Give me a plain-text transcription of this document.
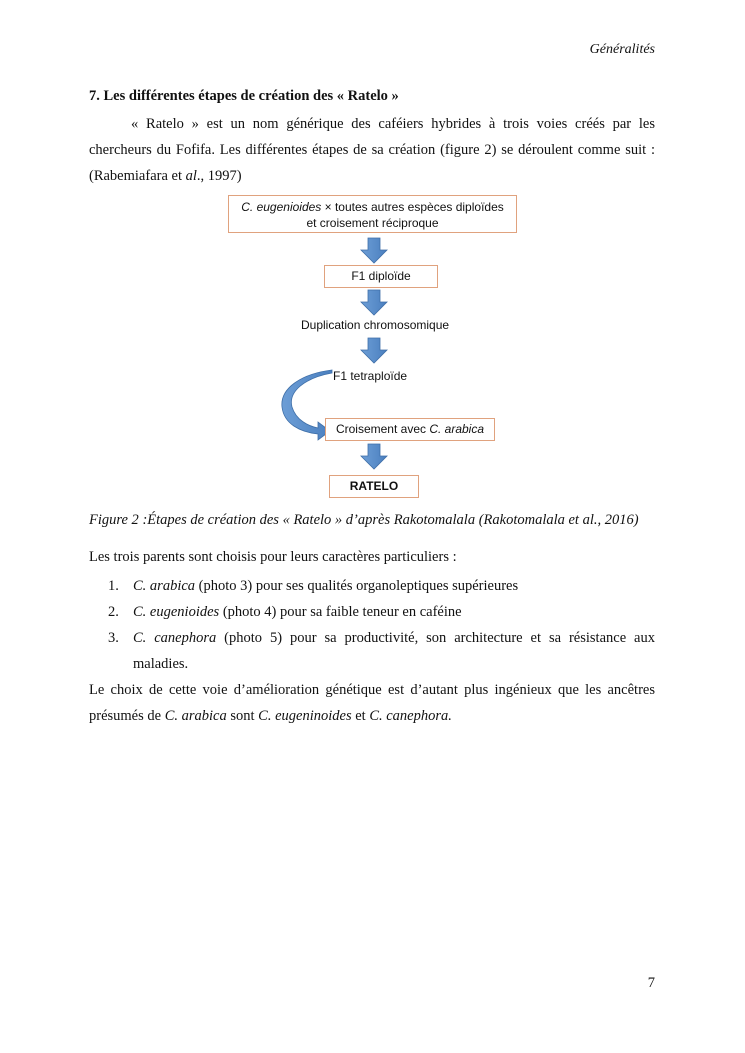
Généralités
7. Les différentes étapes de création des « Ratelo »
« Ratelo » est un nom générique des caféiers hybrides à trois voies créés par les chercheurs du Fofifa. Les différentes étapes de sa création (figure 2) se déroulent comme suit : (Rabemiafara et al., 1997)
C. eugenioides × toutes autres espèces diploïdes
et croisement réciproque
F1 diploïde
Duplication chromosomique
F1 tetraploïde
Croisement avec C. arabica
RATELO
Figure 2 :Étapes de création des « Ratelo » d’après Rakotomalala (Rakotomalala et al., 2016)
Les trois parents sont choisis pour leurs caractères particuliers :
1. C. arabica (photo 3) pour ses qualités organoleptiques supérieures
2. C. eugenioides (photo 4) pour sa faible teneur en caféine
3. C. canephora (photo 5) pour sa productivité, son architecture et sa résistance aux maladies.
Le choix de cette voie d’amélioration génétique est d’autant plus ingénieux que les ancêtres présumés de C. arabica sont C. eugeninoides et C. canephora.
7
